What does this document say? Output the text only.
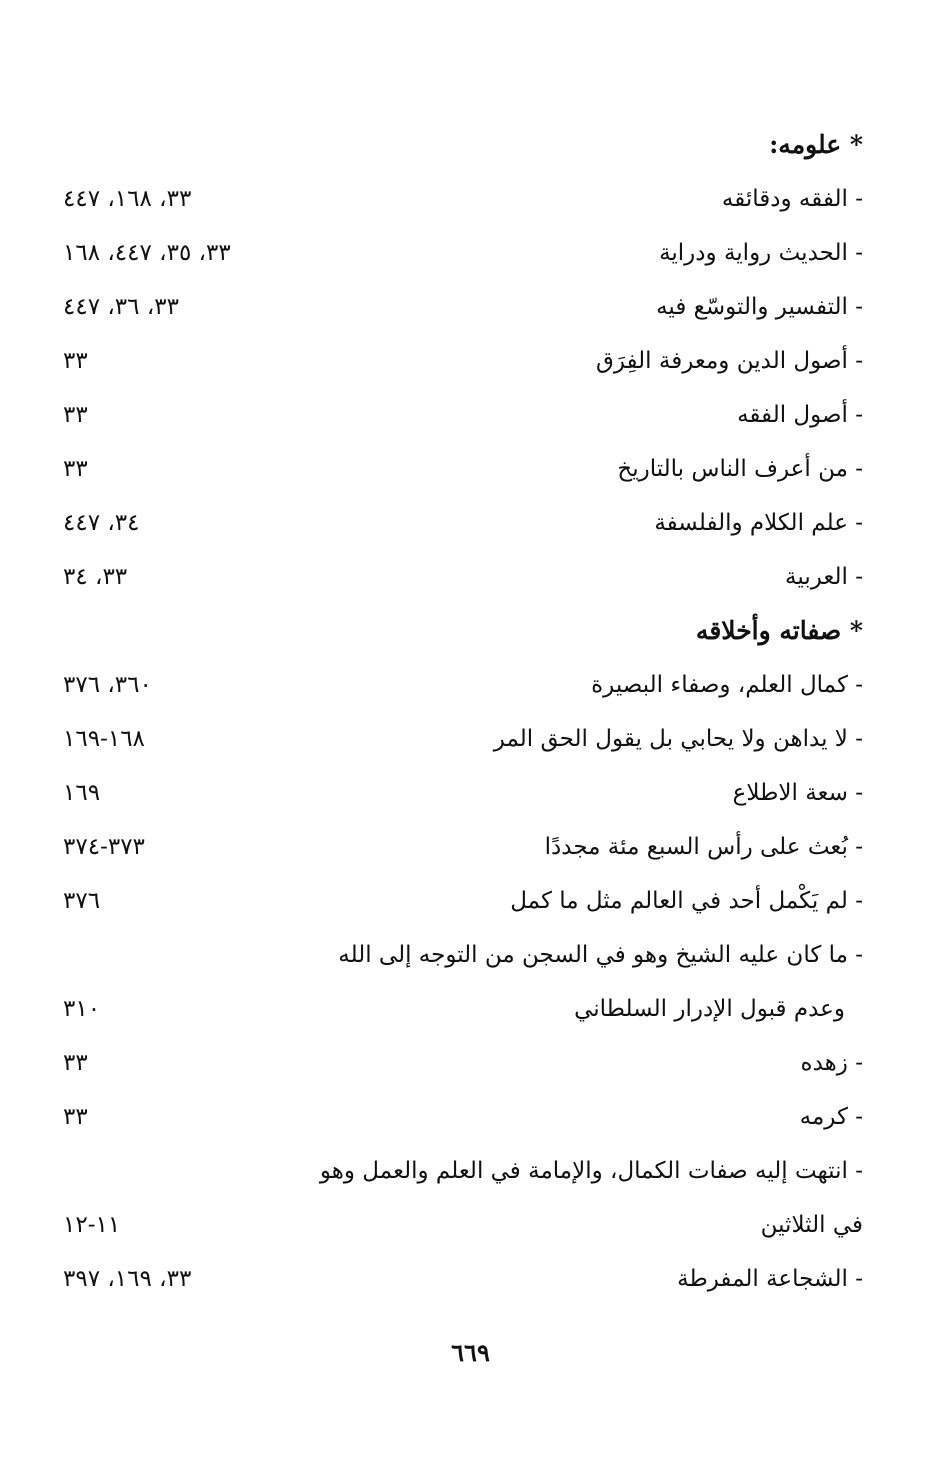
* علومه:
- الفقه ودقائقه
٣٣، ١٦٨، ٤٤٧
- الحديث رواية ودراية
٣٣، ٣٥، ٤٤٧، ١٦٨
- التفسير والتوسّع فيه
٣٣، ٣٦، ٤٤٧
- أصول الدين ومعرفة الفِرَق
٣٣
- أصول الفقه
٣٣
- من أعرف الناس بالتاريخ
٣٣
- علم الكلام والفلسفة
٣٤، ٤٤٧
- العربية
٣٣، ٣٤
* صفاته وأخلاقه
- كمال العلم، وصفاء البصيرة
٣٦٠، ٣٧٦
- لا يداهن ولا يحابي بل يقول الحق المر
١٦٨-١٦٩
- سعة الاطلاع
١٦٩
- بُعث على رأس السبع مئة مجددًا
٣٧٣-٣٧٤
- لم يَكْمل أحد في العالم مثل ما كمل
٣٧٦
- ما كان عليه الشيخ وهو في السجن من التوجه إلى الله
وعدم قبول الإدرار السلطاني
٣١٠
- زهده
٣٣
- كرمه
٣٣
- انتهت إليه صفات الكمال، والإمامة في العلم والعمل وهو
في الثلاثين
١١-١٢
- الشجاعة المفرطة
٣٣، ١٦٩، ٣٩٧
٦٦٩
